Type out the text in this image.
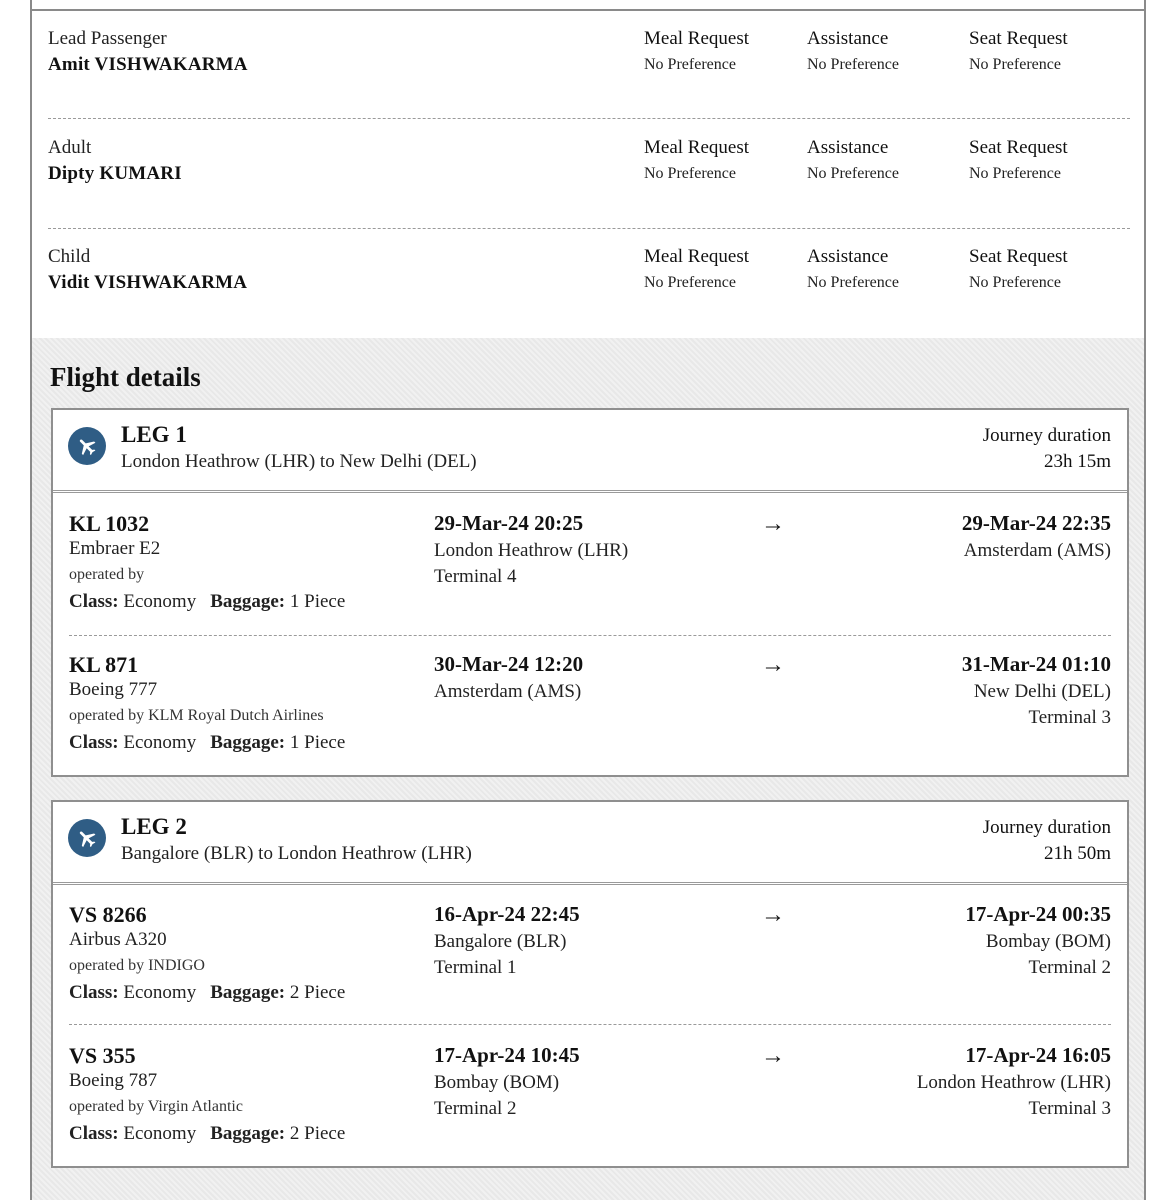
Lead Passenger
Amit VISHWAKARMA
Meal Request
No Preference
Assistance
No Preference
Seat Request
No Preference
Adult
Dipty KUMARI
Meal Request
No Preference
Assistance
No Preference
Seat Request
No Preference
Child
Vidit VISHWAKARMA
Meal Request
No Preference
Assistance
No Preference
Seat Request
No Preference
Flight details
LEG 1
London Heathrow (LHR) to New Delhi (DEL)
Journey duration
23h 15m
KL 1032
Embraer E2
operated by
Class: Economy Baggage: 1 Piece
29-Mar-24 20:25
London Heathrow (LHR)
Terminal 4
→	29-Mar-24 22:35
Amsterdam (AMS)
KL 871
Boeing 777
operated by KLM Royal Dutch Airlines
Class: Economy Baggage: 1 Piece
30-Mar-24 12:20
Amsterdam (AMS)
→	31-Mar-24 01:10
New Delhi (DEL)
Terminal 3
LEG 2
Bangalore (BLR) to London Heathrow (LHR)
Journey duration
21h 50m
VS 8266
Airbus A320
operated by INDIGO
Class: Economy Baggage: 2 Piece
16-Apr-24 22:45
Bangalore (BLR)
Terminal 1
→	17-Apr-24 00:35
Bombay (BOM)
Terminal 2
VS 355
Boeing 787
operated by Virgin Atlantic
Class: Economy Baggage: 2 Piece
17-Apr-24 10:45
Bombay (BOM)
Terminal 2
→	17-Apr-24 16:05
London Heathrow (LHR)
Terminal 3
